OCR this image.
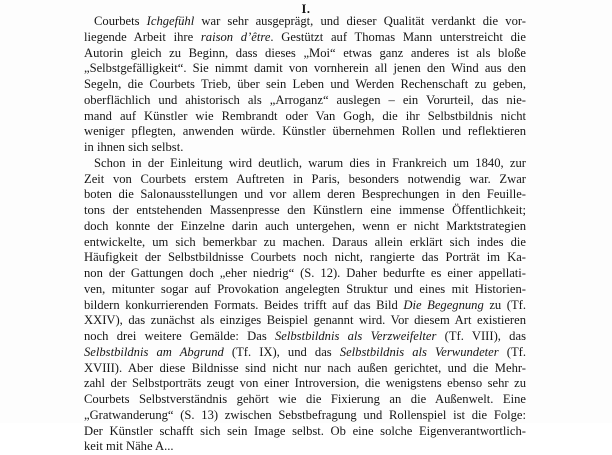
I.
Courbets Ichgefühl war sehr ausgeprägt, und dieser Qualität verdankt die vor-
liegende Arbeit ihre raison d’être. Gestützt auf Thomas Mann unterstreicht die
Autorin gleich zu Beginn, dass dieses „Moi“ etwas ganz anderes ist als bloße
„Selbstgefälligkeit“. Sie nimmt damit von vornherein all jenen den Wind aus den
Segeln, die Courbets Trieb, über sein Leben und Werden Rechenschaft zu geben,
oberflächlich und ahistorisch als „Arroganz“ auslegen – ein Vorurteil, das nie-
mand auf Künstler wie Rembrandt oder Van Gogh, die ihr Selbstbildnis nicht
weniger pflegten, anwenden würde. Künstler übernehmen Rollen und reflektieren
in ihnen sich selbst.
Schon in der Einleitung wird deutlich, warum dies in Frankreich um 1840, zur
Zeit von Courbets erstem Auftreten in Paris, besonders notwendig war. Zwar
boten die Salonausstellungen und vor allem deren Besprechungen in den Feuille-
tons der entstehenden Massenpresse den Künstlern eine immense Öffentlichkeit;
doch konnte der Einzelne darin auch untergehen, wenn er nicht Marktstrategien
entwickelte, um sich bemerkbar zu machen. Daraus allein erklärt sich indes die
Häufigkeit der Selbstbildnisse Courbets noch nicht, rangierte das Porträt im Ka-
non der Gattungen doch „eher niedrig“ (S. 12). Daher bedurfte es einer appellati-
ven, mitunter sogar auf Provokation angelegten Struktur und eines mit Historien-
bildern konkurrierenden Formats. Beides trifft auf das Bild Die Begegnung zu (Tf.
XXIV), das zunächst als einziges Beispiel genannt wird. Vor diesem Art existieren
noch drei weitere Gemälde: Das Selbstbildnis als Verzweifelter (Tf. VIII), das
Selbstbildnis am Abgrund (Tf. IX), und das Selbstbildnis als Verwundeter (Tf.
XVIII). Aber diese Bildnisse sind nicht nur nach außen gerichtet, und die Mehr-
zahl der Selbstporträts zeugt von einer Introversion, die wenigstens ebenso sehr zu
Courbets Selbstverständnis gehört wie die Fixierung an die Außenwelt. Eine
„Gratwanderung“ (S. 13) zwischen Sebstbefragung und Rollenspiel ist die Folge:
Der Künstler schafft sich sein Image selbst. Ob eine solche Eigenverantwortlich-
keit mit Nähe A...
